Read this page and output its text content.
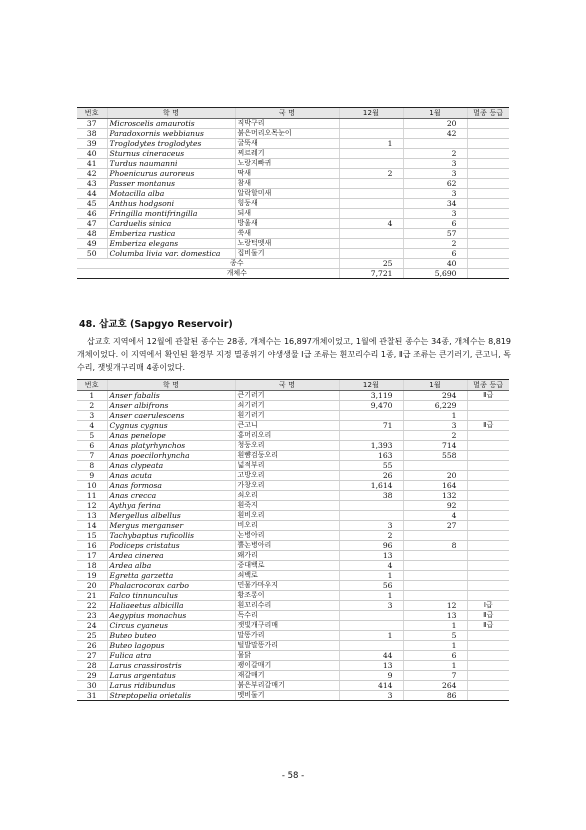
번호	학 명	국 명	12월	1월	멸종 등급
37	Microscelis amaurotis	직박구리		20	
38	Paradoxornis webbianus	붉은머리오목눈이		42	
39	Troglodytes troglodytes	굴뚝새	1		
40	Sturnus cineraceus	찌르레기		2	
41	Turdus naumanni	노랑지빠귀		3	
42	Phoenicurus auroreus	딱새	2	3	
43	Passer montanus	참새		62	
44	Motacilla alba	알락할미새		3	
45	Anthus hodgsoni	힝둥새		34	
46	Fringilla montifringilla	되새		3	
47	Carduelis sinica	방울새	4	6	
48	Emberiza rustica	쑥새		57	
49	Emberiza elegans	노랑턱멧새		2	
50	Columba livia var. domestica	집비둘기		6	
종수			25	40	
개체수			7,721	5,690	
48. 삽교호 (Sapgyo Reservoir)

삽교호 지역에서 12월에 관찰된 종수는 28종, 개체수는 16,897개체이었고, 1월에 관찰된 종수는 34종, 개체수는 8,819개체이었다. 이 지역에서 확인된 환경부 지정 멸종위기 야생생물 Ⅰ급 조류는 흰꼬리수리 1종, Ⅱ급 조류는 큰기러기, 큰고니, 독수리, 잿빛개구리매 4종이었다.

번호	학 명	국 명	12월	1월	멸종 등급
1	Anser fabalis	큰기러기	3,119	294	Ⅱ급
2	Anser albifrons	쇠기러기	9,470	6,229	
3	Anser caerulescens	흰기러기		1	
4	Cygnus cygnus	큰고니	71	3	Ⅱ급
5	Anas penelope	홍머리오리		2	
6	Anas platyrhynchos	청둥오리	1,393	714	
7	Anas poecilorhyncha	흰뺨검둥오리	163	558	
8	Anas clypeata	넓적부리	55		
9	Anas acuta	고방오리	26	20	
10	Anas formosa	가창오리	1,614	164	
11	Anas crecca	쇠오리	38	132	
12	Aythya ferina	흰죽지		92	
13	Mergellus albellus	흰비오리		4	
14	Mergus merganser	비오리	3	27	
15	Tachybaptus ruficollis	논병아리	2		
16	Podiceps cristatus	뿔논병아리	96	8	
17	Ardea cinerea	왜가리	13		
18	Ardea alba	중대백로	4		
19	Egretta garzetta	쇠백로	1		
20	Phalacrocorax carbo	민물가마우지	56		
21	Falco tinnunculus	황조롱이	1		
22	Haliaeetus albicilla	흰꼬리수리	3	12	Ⅰ급
23	Aegypius monachus	독수리		13	Ⅱ급
24	Circus cyaneus	잿빛개구리매		1	Ⅱ급
25	Buteo buteo	말똥가리	1	5	
26	Buteo lagopus	털발말똥가리		1	
27	Fulica atra	물닭	44	6	
28	Larus crassirostris	괭이갈매기	13	1	
29	Larus argentatus	재갈매기	9	7	
30	Larus ridibundus	붉은부리갈매기	414	264	
31	Streptopelia orietalis	멧비둘기	3	86	
- 58 -
